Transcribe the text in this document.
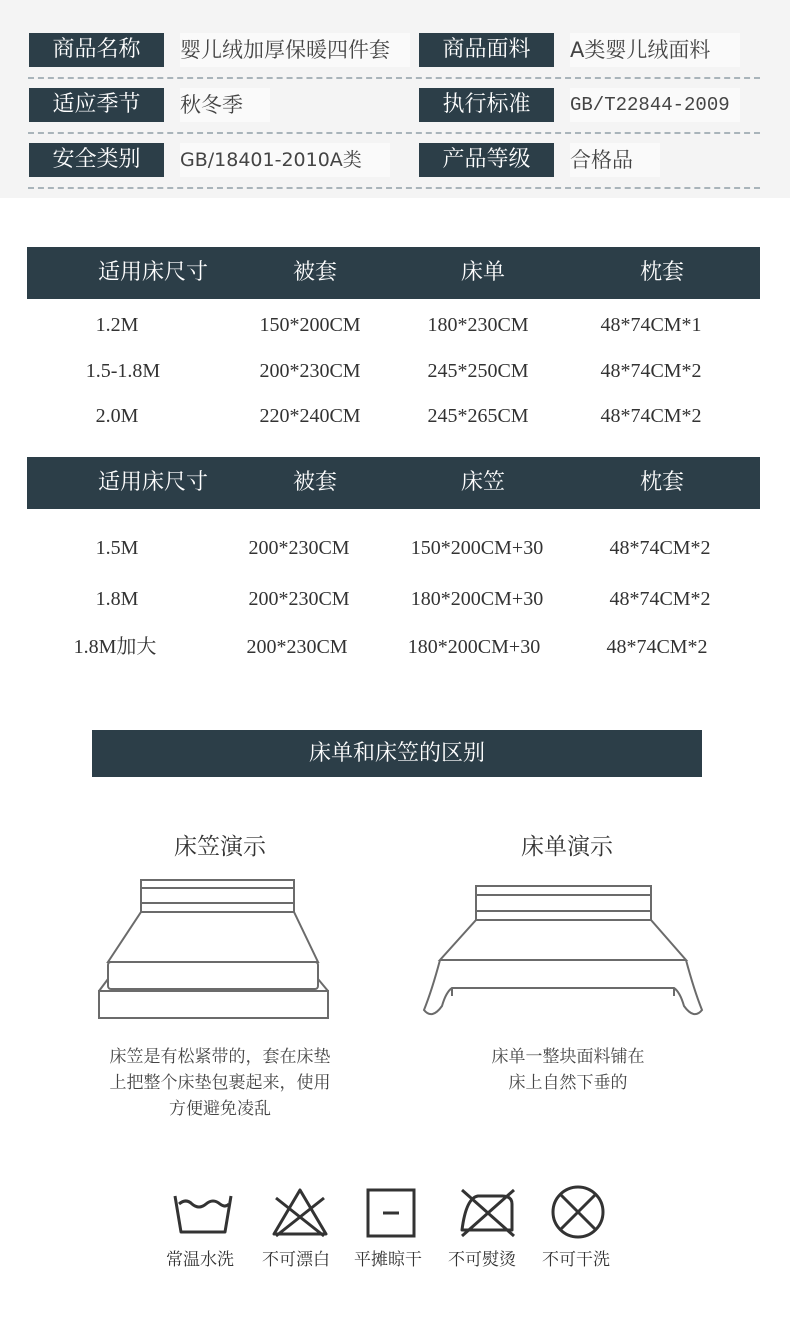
商品名称	婴儿绒加厚保暖四件套	商品面料	A类婴儿绒面料
适应季节	秋冬季	执行标准	GB/T22844-2009
安全类别	GB/18401-2010A类	产品等级	合格品
适用床尺寸	被套	床单	枕套
1.2M	150*200CM	180*230CM	48*74CM*1
1.5-1.8M	200*230CM	245*250CM	48*74CM*2
2.0M	220*240CM	245*265CM	48*74CM*2
适用床尺寸	被套	床笠	枕套
1.5M	200*230CM	150*200CM+30	48*74CM*2
1.8M	200*230CM	180*200CM+30	48*74CM*2
1.8M加大	200*230CM	180*200CM+30	48*74CM*2
床单和床笠的区别
床笠演示
床笠是有松紧带的，套在床垫
上把整个床垫包裹起来，使用
方便避免凌乱
床单演示
床单一整块面料铺在
床上自然下垂的
常温水洗	不可漂白	平摊晾干	不可熨烫	不可干洗
